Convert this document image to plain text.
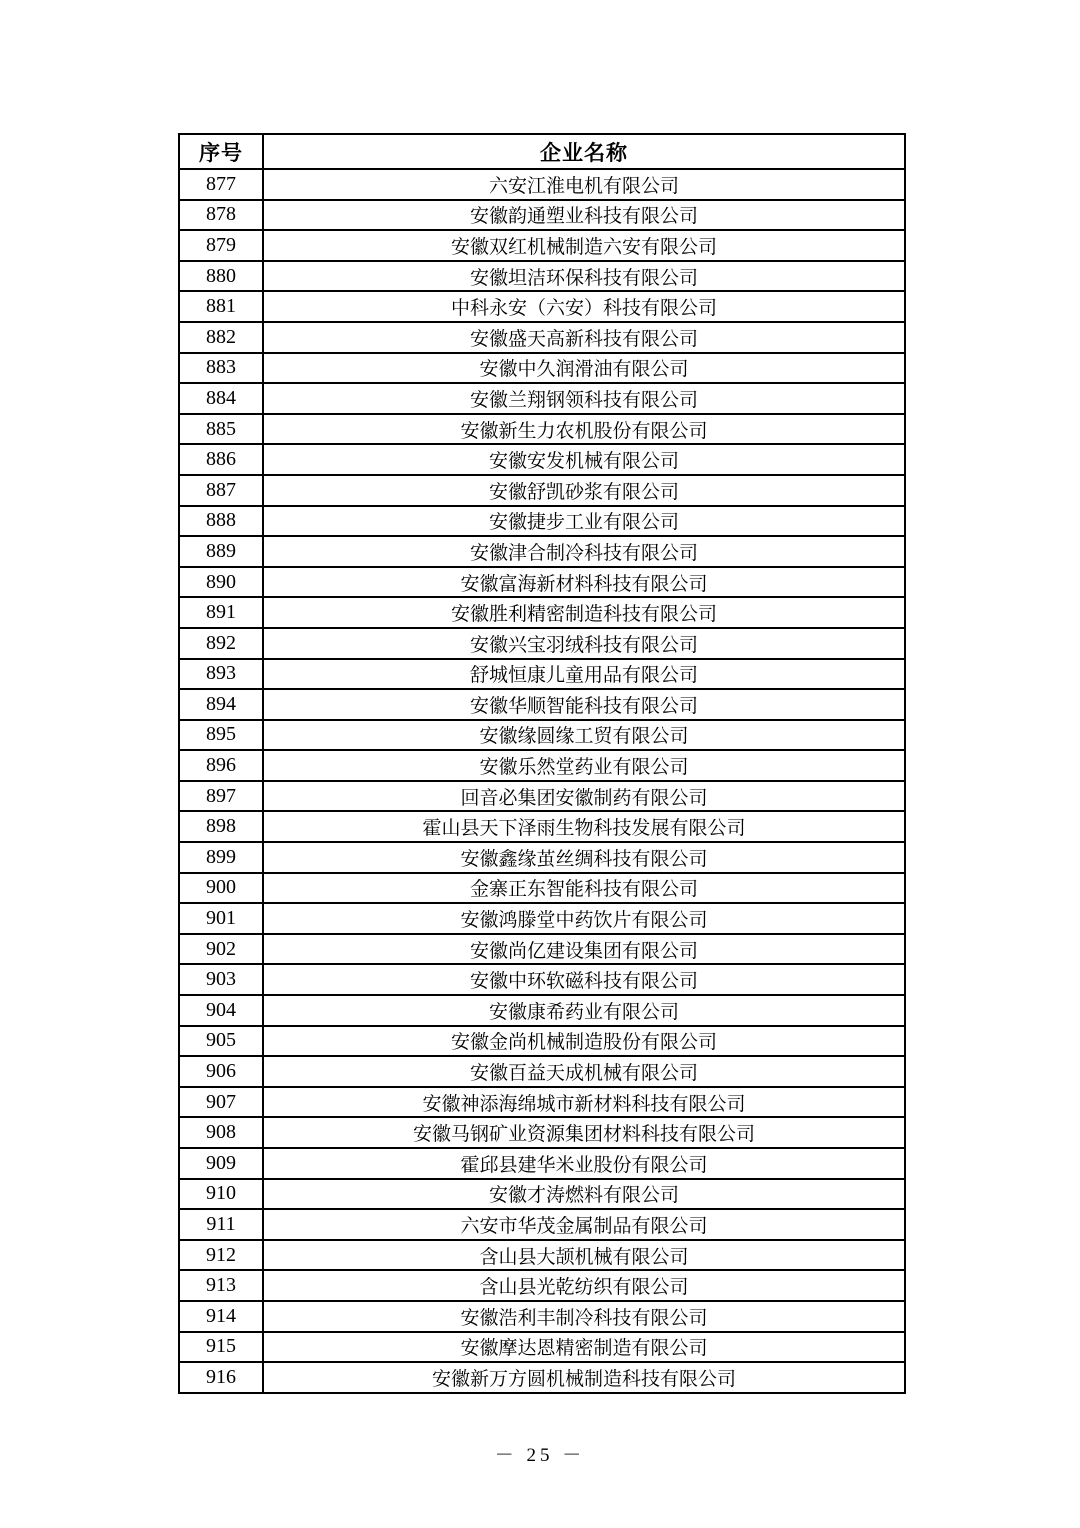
序号	企业名称
877	六安江淮电机有限公司
878	安徽韵通塑业科技有限公司
879	安徽双红机械制造六安有限公司
880	安徽坦洁环保科技有限公司
881	中科永安（六安）科技有限公司
882	安徽盛天高新科技有限公司
883	安徽中久润滑油有限公司
884	安徽兰翔钢领科技有限公司
885	安徽新生力农机股份有限公司
886	安徽安发机械有限公司
887	安徽舒凯砂浆有限公司
888	安徽捷步工业有限公司
889	安徽津合制冷科技有限公司
890	安徽富海新材料科技有限公司
891	安徽胜利精密制造科技有限公司
892	安徽兴宝羽绒科技有限公司
893	舒城恒康儿童用品有限公司
894	安徽华顺智能科技有限公司
895	安徽缘圆缘工贸有限公司
896	安徽乐然堂药业有限公司
897	回音必集团安徽制药有限公司
898	霍山县天下泽雨生物科技发展有限公司
899	安徽鑫缘茧丝绸科技有限公司
900	金寨正东智能科技有限公司
901	安徽鸿滕堂中药饮片有限公司
902	安徽尚亿建设集团有限公司
903	安徽中环软磁科技有限公司
904	安徽康希药业有限公司
905	安徽金尚机械制造股份有限公司
906	安徽百益天成机械有限公司
907	安徽神添海绵城市新材料科技有限公司
908	安徽马钢矿业资源集团材料科技有限公司
909	霍邱县建华米业股份有限公司
910	安徽才涛燃料有限公司
911	六安市华茂金属制品有限公司
912	含山县大颉机械有限公司
913	含山县光乾纺织有限公司
914	安徽浩利丰制冷科技有限公司
915	安徽摩达恩精密制造有限公司
916	安徽新万方圆机械制造科技有限公司
－ 25 －
